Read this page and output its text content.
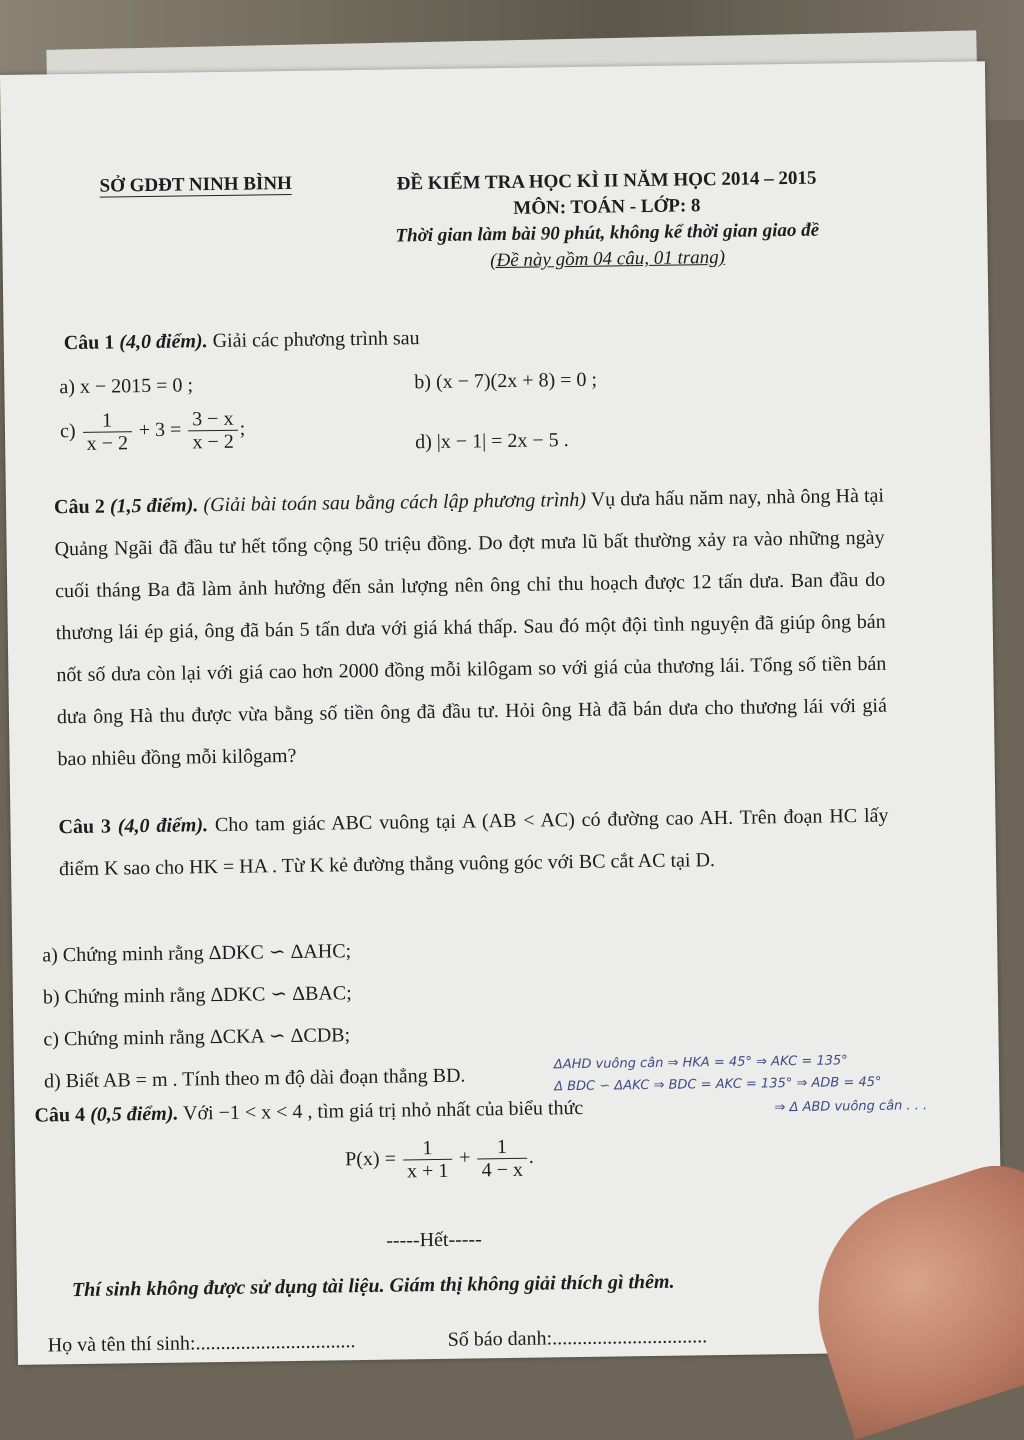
SỞ GDĐT NINH BÌNH	ĐỀ KIỂM TRA HỌC KÌ II NĂM HỌC 2014 – 2015
MÔN: TOÁN - LỚP: 8
Thời gian làm bài 90 phút, không kể thời gian giao đề
(Đề này gồm 04 câu, 01 trang)
Câu 1 (4,0 điểm). Giải các phương trình sau
a) x − 2015 = 0 ;	b) (x − 7)(2x + 8) = 0 ;
$c) \frac{1}{x - 2} + 3 = \frac{3 - x}{x - 2}$ ;
d) |x − 1| = 2x − 5 .
Câu 2 (1,5 điểm). (Giải bài toán sau bằng cách lập phương trình) Vụ dưa hấu năm nay, nhà ông Hà tại Quảng Ngãi đã đầu tư hết tổng cộng 50 triệu đồng. Do đợt mưa lũ bất thường xảy ra vào những ngày cuối tháng Ba đã làm ảnh hưởng đến sản lượng nên ông chỉ thu hoạch được 12 tấn dưa. Ban đầu do thương lái ép giá, ông đã bán 5 tấn dưa với giá khá thấp. Sau đó một đội tình nguyện đã giúp ông bán nốt số dưa còn lại với giá cao hơn 2000 đồng mỗi kilôgam so với giá của thương lái. Tổng số tiền bán dưa ông Hà thu được vừa bằng số tiền ông đã đầu tư. Hỏi ông Hà đã bán dưa cho thương lái với giá bao nhiêu đồng mỗi kilôgam?
Câu 3 (4,0 điểm). Cho tam giác ABC vuông tại A (AB < AC) có đường cao AH. Trên đoạn HC lấy điểm K sao cho HK = HA . Từ K kẻ đường thẳng vuông góc với BC cắt AC tại D.
a) Chứng minh rằng ΔDKC ∽ ΔAHC;
b) Chứng minh rằng ΔDKC ∽ ΔBAC;
c) Chứng minh rằng ΔCKA ∽ ΔCDB;
d) Biết AB = m . Tính theo m độ dài đoạn thẳng BD.
ΔAHD vuông cân ⇒ HKA = 45° ⇒ AKC = 135°
Δ BDC ∽ ΔAKC ⇒ BDC = AKC = 135° ⇒ ADB = 45°
⇒ Δ ABD vuông cân . . .
Câu 4 (0,5 điểm). Với −1 < x < 4 , tìm giá trị nhỏ nhất của biểu thức
$P(x) = \frac{1}{x + 1} + \frac{1}{4 - x}$ .
-----Hết-----
Thí sinh không được sử dụng tài liệu. Giám thị không giải thích gì thêm.
Họ và tên thí sinh:................................	Số báo danh:...............................
